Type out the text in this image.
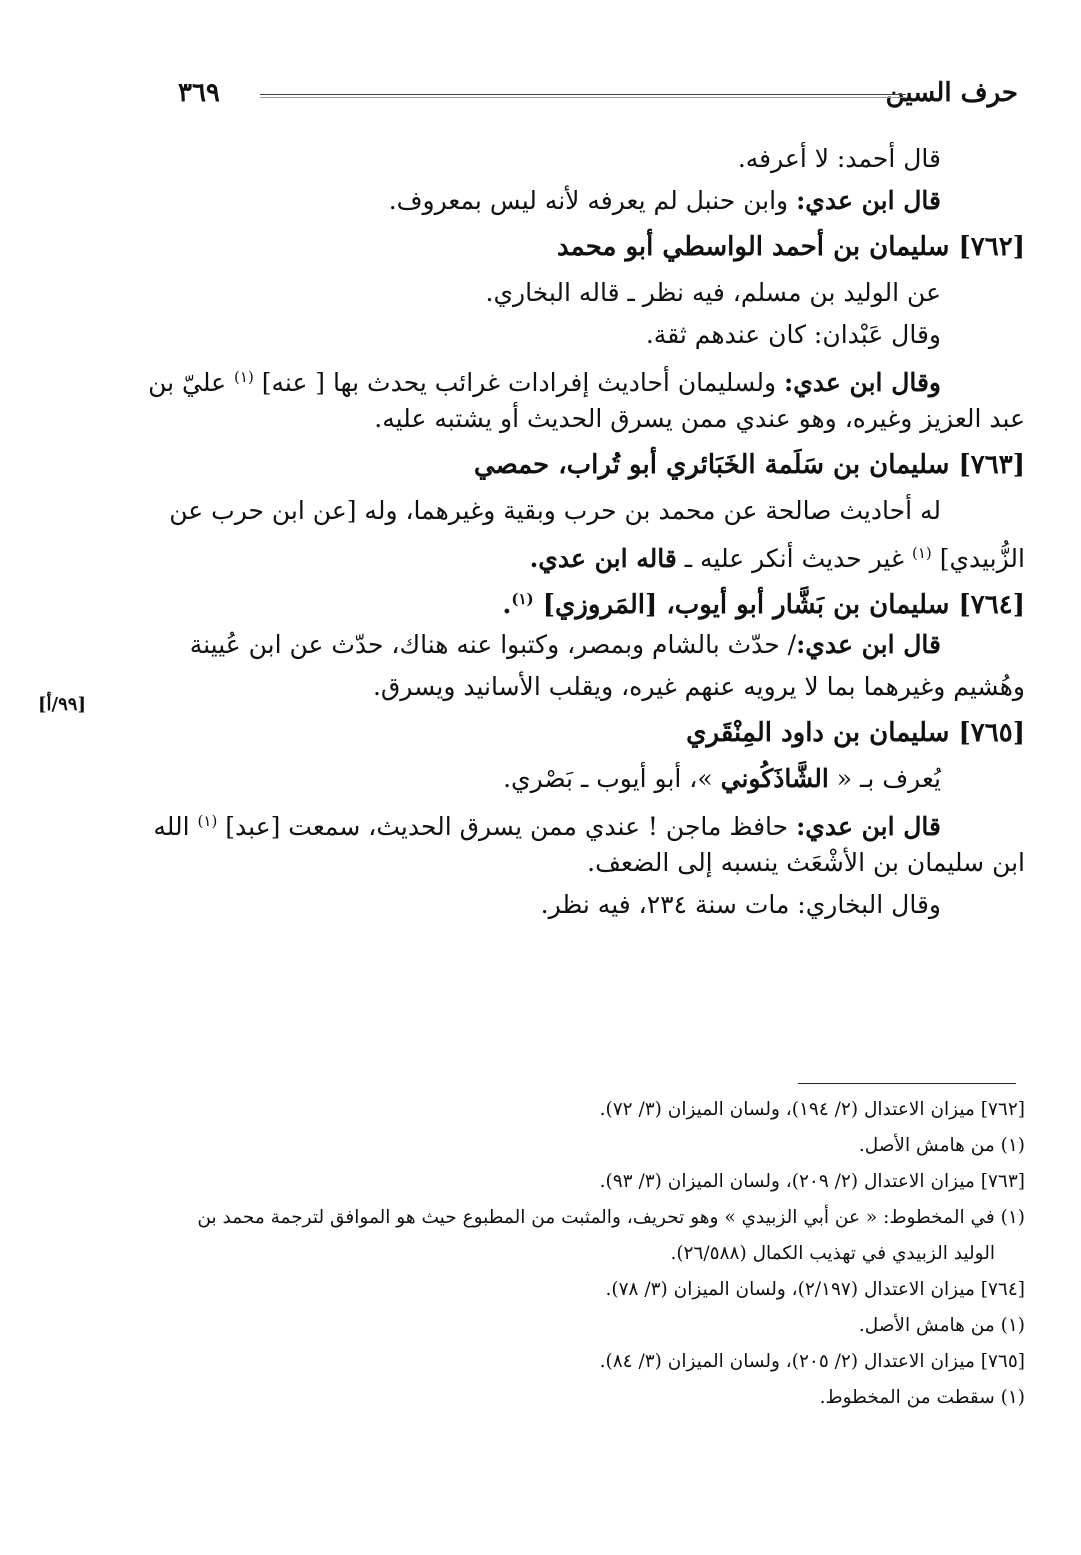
حرف السين
٣٦٩
[٩٩/أ]
قال أحمد: لا أعرفه.
قال ابن عدي: وابن حنبل لم يعرفه لأنه ليس بمعروف.
[٧٦٢] سليمان بن أحمد الواسطي أبو محمد
عن الوليد بن مسلم، فيه نظر ـ قاله البخاري.
وقال عَبْدان: كان عندهم ثقة.
وقال ابن عدي: ولسليمان أحاديث إفرادات غرائب يحدث بها [ عنه] $^{(١)}$ عليّ بن
عبد العزيز وغيره، وهو عندي ممن يسرق الحديث أو يشتبه عليه.
[٧٦٣] سليمان بن سَلَمة الخَبَائري أبو تُراب، حمصي
له أحاديث صالحة عن محمد بن حرب وبقية وغيرهما، وله [عن ابن حرب عن
الزُّبيدي] $^{(١)}$ غير حديث أنكر عليه ـ قاله ابن عدي.
[٧٦٤] سليمان بن بَشَّار أبو أيوب، [المَروزي] $^{(١)}$.
قال ابن عدي:/ حدّث بالشام وبمصر، وكتبوا عنه هناك، حدّث عن ابن عُيينة
وهُشيم وغيرهما بما لا يرويه عنهم غيره، ويقلب الأسانيد ويسرق.
[٧٦٥] سليمان بن داود المِنْقَري
يُعرف بـ « الشَّاذَكُوني »، أبو أيوب ـ بَصْري.
قال ابن عدي: حافظ ماجن ! عندي ممن يسرق الحديث، سمعت [عبد] $^{(١)}$ الله
ابن سليمان بن الأشْعَث ينسبه إلى الضعف.
وقال البخاري: مات سنة ٢٣٤، فيه نظر.
[٧٦٢] ميزان الاعتدال (٢/ ١٩٤)، ولسان الميزان (٣/ ٧٢).
(١) من هامش الأصل.
[٧٦٣] ميزان الاعتدال (٢/ ٢٠٩)، ولسان الميزان (٣/ ٩٣).
(١) في المخطوط: « عن أبي الزبيدي » وهو تحريف، والمثبت من المطبوع حيث هو الموافق لترجمة محمد بن
الوليد الزبيدي في تهذيب الكمال (٢٦/٥٨٨).
[٧٦٤] ميزان الاعتدال (٢/١٩٧)، ولسان الميزان (٣/ ٧٨).
(١) من هامش الأصل.
[٧٦٥] ميزان الاعتدال (٢/ ٢٠٥)، ولسان الميزان (٣/ ٨٤).
(١) سقطت من المخطوط.
